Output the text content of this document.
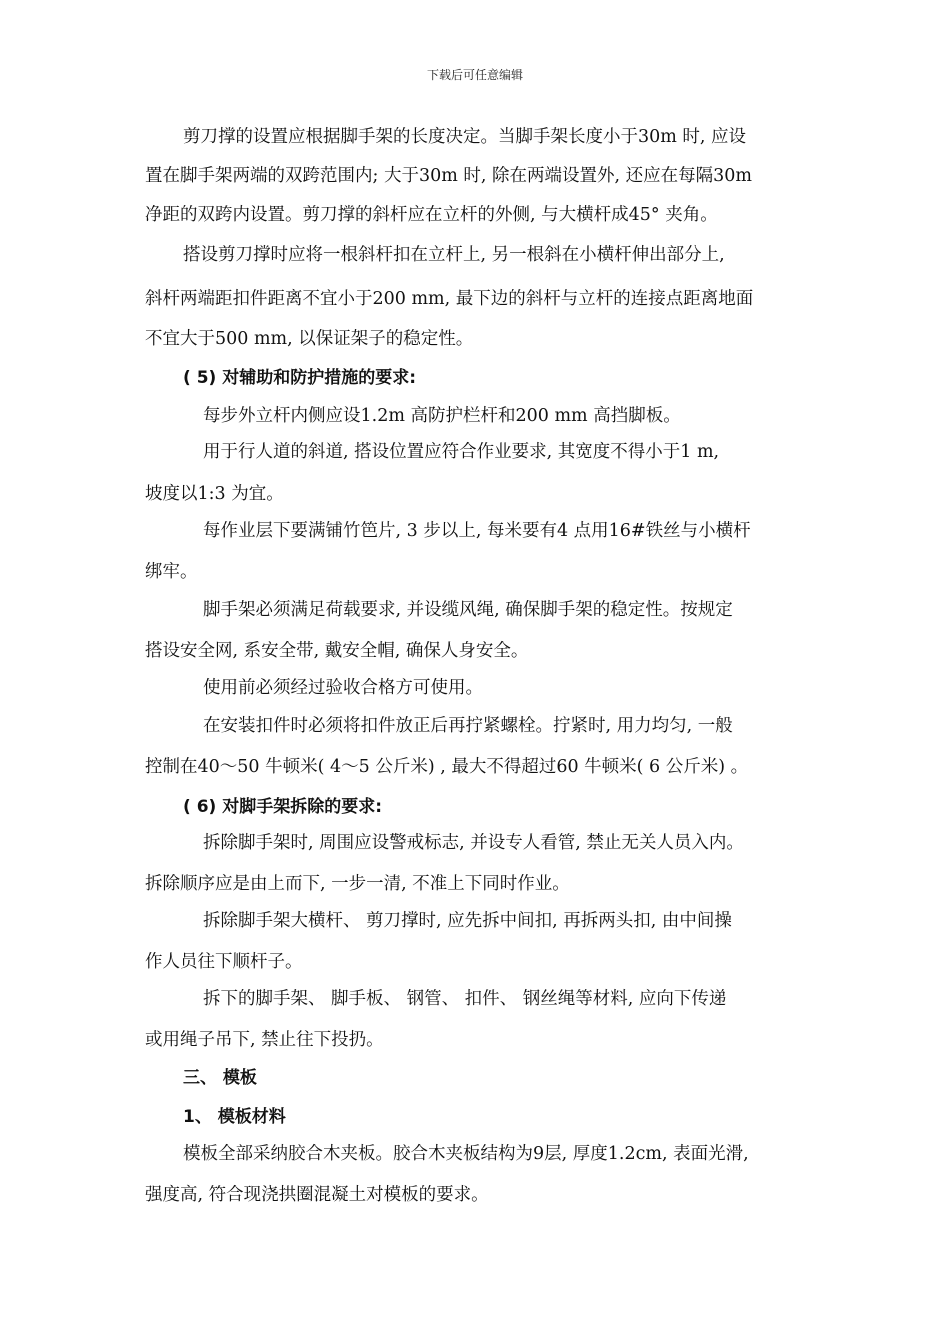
下载后可任意编辑
剪刀撑的设置应根据脚手架的长度决定。当脚手架长度小于30m 时, 应设
置在脚手架两端的双跨范围内; 大于30m 时, 除在两端设置外, 还应在每隔30m
净距的双跨内设置。剪刀撑的斜杆应在立杆的外侧, 与大横杆成45° 夹角。
搭设剪刀撑时应将一根斜杆扣在立杆上, 另一根斜在小横杆伸出部分上,
斜杆两端距扣件距离不宜小于200 mm, 最下边的斜杆与立杆的连接点距离地面
不宜大于500 mm, 以保证架子的稳定性。
( 5) 对辅助和防护措施的要求:
每步外立杆内侧应设1.2m 高防护栏杆和200 mm 高挡脚板。
用于行人道的斜道, 搭设位置应符合作业要求, 其宽度不得小于1 m,
坡度以1:3 为宜。
每作业层下要满铺竹笆片, 3 步以上, 每米要有4 点用16#铁丝与小横杆
绑牢。
脚手架必须满足荷载要求, 并设缆风绳, 确保脚手架的稳定性。按规定
搭设安全网, 系安全带, 戴安全帽, 确保人身安全。
使用前必须经过验收合格方可使用。
在安装扣件时必须将扣件放正后再拧紧螺栓。拧紧时, 用力均匀, 一般
控制在40～50 牛顿米( 4～5 公斤米) , 最大不得超过60 牛顿米( 6 公斤米) 。
( 6) 对脚手架拆除的要求:
拆除脚手架时, 周围应设警戒标志, 并设专人看管, 禁止无关人员入内。
拆除顺序应是由上而下, 一步一清, 不准上下同时作业。
拆除脚手架大横杆、 剪刀撑时, 应先拆中间扣, 再拆两头扣, 由中间操
作人员往下顺杆子。
拆下的脚手架、 脚手板、 钢管、 扣件、 钢丝绳等材料, 应向下传递
或用绳子吊下, 禁止往下投扔。
三、 模板
1、 模板材料
模板全部采纳胶合木夹板。胶合木夹板结构为9层, 厚度1.2cm, 表面光滑,
强度高, 符合现浇拱圈混凝土对模板的要求。
